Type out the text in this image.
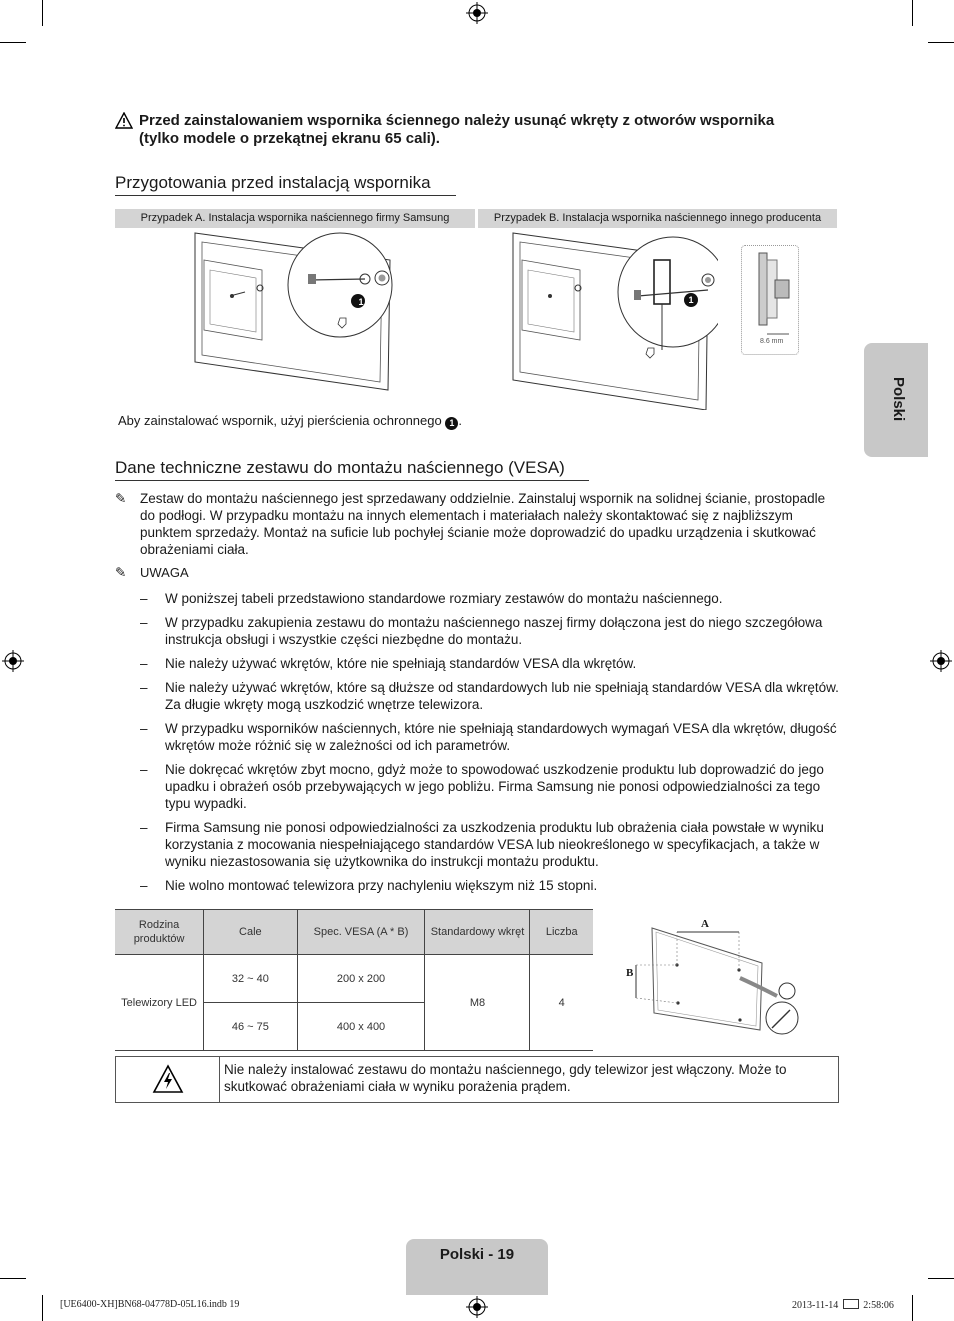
Przed zainstalowaniem wspornika ściennego należy usunąć wkręty z otworów wspornika
(tylko modele o przekątnej ekranu 65 cali).
Przygotowania przed instalacją wspornika
Przypadek A. Instalacja wspornika naściennego firmy Samsung	Przypadek B. Instalacja wspornika naściennego innego producenta
1	1
8.6 mm
Aby zainstalować wspornik, użyj pierścienia ochronnego 1 .	Polski
Dane techniczne zestawu do montażu naściennego (VESA)
✎ Zestaw do montażu naściennego jest sprzedawany oddzielnie. Zainstaluj wspornik na solidnej ścianie, prostopadle do podłogi. W przypadku montażu na innych elementach i materiałach należy skontaktować się z najbliższym punktem sprzedaży. Montaż na suficie lub pochyłej ścianie może doprowadzić do upadku urządzenia i skutkować obrażeniami ciała.
✎ UWAGA
– W poniższej tabeli przedstawiono standardowe rozmiary zestawów do montażu naściennego.
– W przypadku zakupienia zestawu do montażu naściennego naszej firmy dołączona jest do niego szczegółowa instrukcja obsługi i wszystkie części niezbędne do montażu.
– Nie należy używać wkrętów, które nie spełniają standardów VESA dla wkrętów.
– Nie należy używać wkrętów, które są dłuższe od standardowych lub nie spełniają standardów VESA dla wkrętów. Za długie wkręty mogą uszkodzić wnętrze telewizora.
– W przypadku wsporników naściennych, które nie spełniają standardowych wymagań VESA dla wkrętów, długość wkrętów może różnić się w zależności od ich parametrów.
– Nie dokręcać wkrętów zbyt mocno, gdyż może to spowodować uszkodzenie produktu lub doprowadzić do jego upadku i obrażeń osób przebywających w jego pobliżu. Firma Samsung nie ponosi odpowiedzialności za tego typu wypadki.
– Firma Samsung nie ponosi odpowiedzialności za uszkodzenia produktu lub obrażenia ciała powstałe w wyniku korzystania z mocowania niespełniającego standardów VESA lub nieokreślonego w specyfikacjach, a także w wyniku niezastosowania się użytkownika do instrukcji montażu produktu.
– Nie wolno montować telewizora przy nachyleniu większym niż 15 stopni.
Rodzina produktów	Cale	Spec. VESA (A * B)	Standardowy wkręt	Liczba
Telewizory LED	32 ~ 40	200 x 200	M8	4
	46 ~ 75	400 x 400		
A
B
Nie należy instalować zestawu do montażu naściennego, gdy telewizor jest włączony. Może to skutkować obrażeniami ciała w wyniku porażenia prądem.
Polski - 19
[UE6400-XH]BN68-04778D-05L16.indb 19	2013-11-14	2:58:06
